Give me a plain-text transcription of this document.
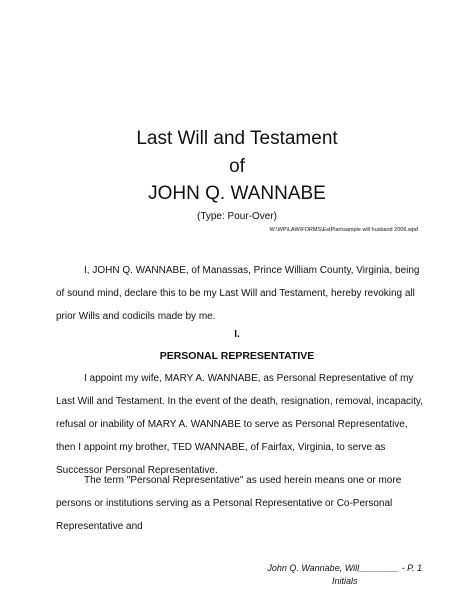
Last Will and Testament
of
JOHN Q. WANNABE
(Type: Pour-Over)
W:\WP\LAW\FORMS\EstPlan\sample will husband 2006.wpd

I, JOHN Q. WANNABE, of Manassas, Prince William County, Virginia, being of sound mind, declare this to be my Last Will and Testament, hereby revoking all prior Wills and codicils made by me.

I.
PERSONAL REPRESENTATIVE

I appoint my wife, MARY A. WANNABE, as Personal Representative of my Last Will and Testament. In the event of the death, resignation, removal, incapacity, refusal or inability of MARY A. WANNABE to serve as Personal Representative, then I appoint my brother, TED WANNABE, of Fairfax, Virginia, to serve as Successor Personal Representative.

The term "Personal Representative" as used herein means one or more persons or institutions serving as a Personal Representative or Co-Personal Representative and

John Q. Wannabe, Will________ - P. 1
Initials
